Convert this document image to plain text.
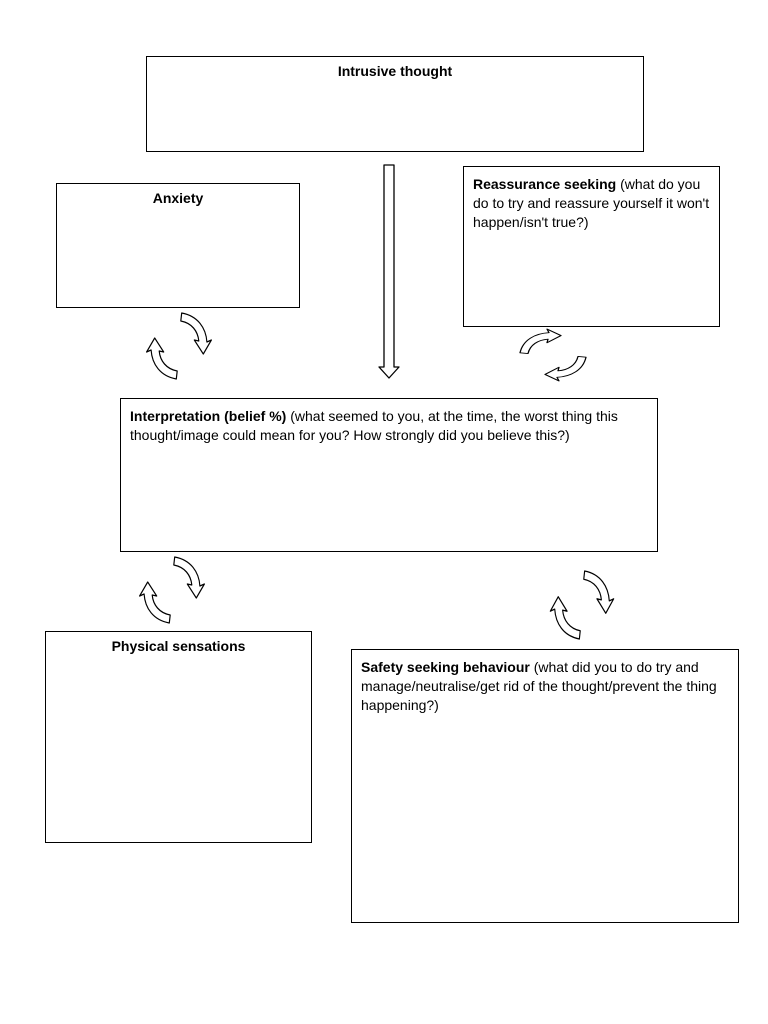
Intrusive thought
Anxiety
Reassurance seeking (what do you do to try and reassure yourself it won't happen/isn't true?)
Interpretation (belief %) (what seemed to you, at the time, the worst thing this thought/image could mean for you? How strongly did you believe this?)
Physical sensations
Safety seeking behaviour (what did you to do try and manage/neutralise/get rid of the thought/prevent the thing happening?)
